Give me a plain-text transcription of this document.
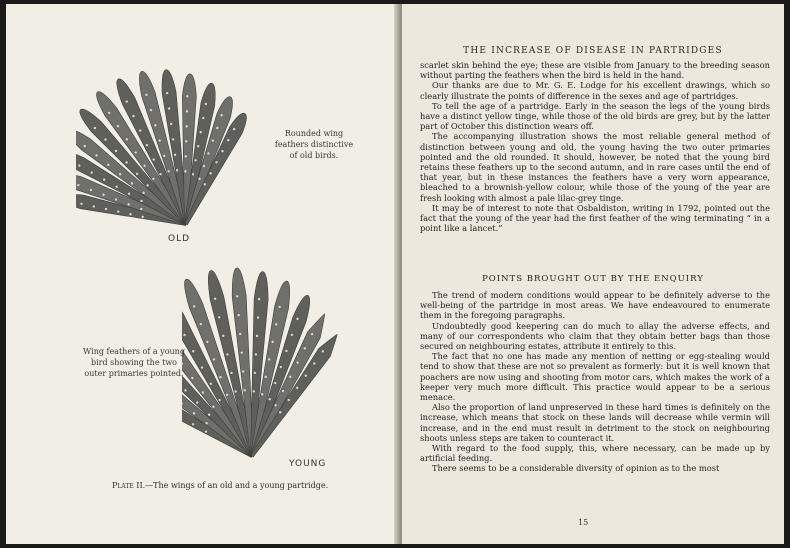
Rounded wing
feathers distinctive
of old birds.
OLD
Wing feathers of a young
bird showing the two
outer primaries pointed.
YOUNG
Plate II.—The wings of an old and a young partridge.
THE INCREASE OF DISEASE IN PARTRIDGES

scarlet skin behind the eye; these are visible from January to the breeding season without parting the feathers when the bird is held in the hand.

Our thanks are due to Mr. G. E. Lodge for his excellent drawings, which so clearly illustrate the points of difference in the sexes and age of partridges.

To tell the age of a partridge. Early in the season the legs of the young birds have a distinct yellow tinge, while those of the old birds are grey, but by the latter part of October this distinction wears off.

The accompanying illustration shows the most reliable general method of distinction between young and old, the young having the two outer primaries pointed and the old rounded. It should, however, be noted that the young bird retains these feathers up to the second autumn, and in rare cases until the end of that year, but in these instances the feathers have a very worn appearance, bleached to a brownish-yellow colour, while those of the young of the year are fresh looking with almost a pale lilac-grey tinge.

It may be of interest to note that Osbaldiston, writing in 1792, pointed out the fact that the young of the year had the first feather of the wing terminating “ in a point like a lancet.”

POINTS BROUGHT OUT BY THE ENQUIRY

The trend of modern conditions would appear to be definitely adverse to the well-being of the partridge in most areas. We have endeavoured to enumerate them in the foregoing paragraphs.

Undoubtedly good keepering can do much to allay the adverse effects, and many of our correspondents who claim that they obtain better bags than those secured on neighbouring estates, attribute it entirely to this.

The fact that no one has made any mention of netting or egg-stealing would tend to show that these are not so prevalent as formerly: but it is well known that poachers are now using and shooting from motor cars, which makes the work of a keeper very much more difficult. This practice would appear to be a serious menace.

Also the proportion of land unpreserved in these hard times is definitely on the increase, which means that stock on these lands will decrease while vermin will increase, and in the end must result in detriment to the stock on neighbouring shoots unless steps are taken to counteract it.

With regard to the food supply, this, where necessary, can be made up by artificial feeding.

There seems to be a considerable diversity of opinion as to the most

15
